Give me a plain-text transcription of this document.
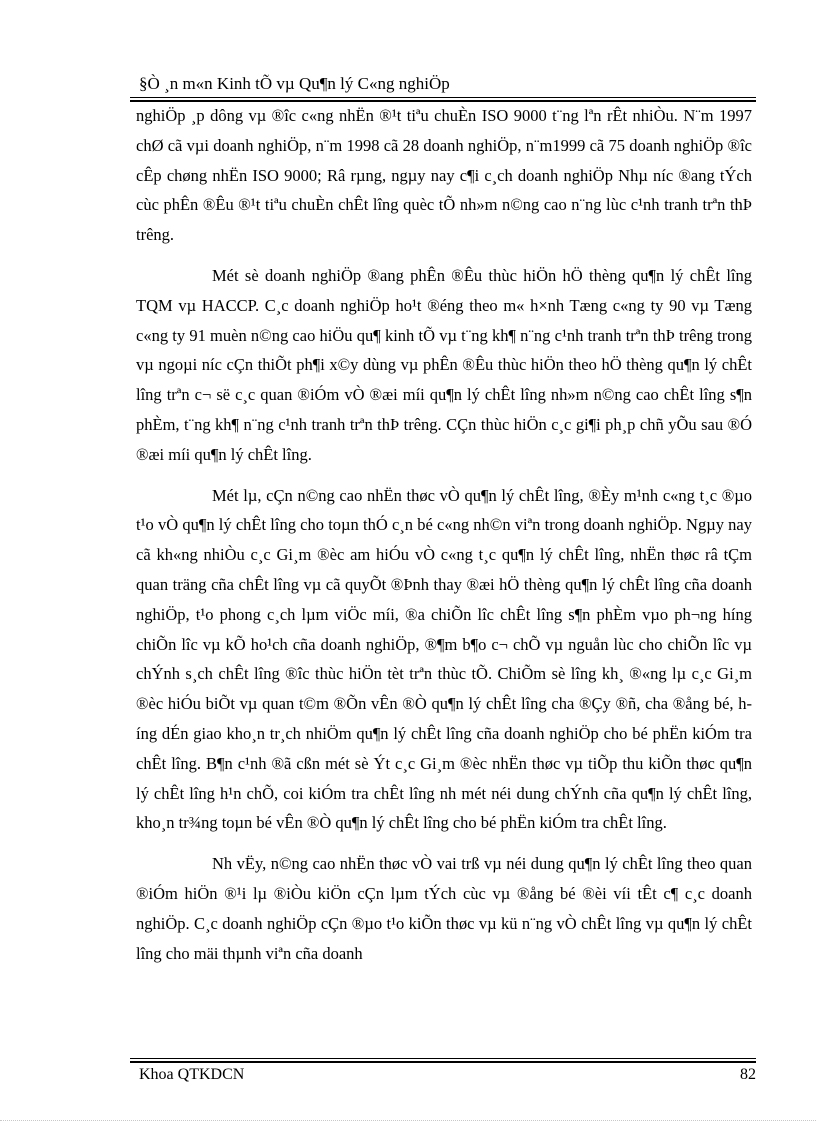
§Ò ¸n m«n Kinh tÕ vµ Qu¶n lý C«ng nghiÖp

nghiÖp ¸p dông vµ ®îc c«ng nhËn ®¹t tiªu chuÈn ISO 9000 t¨ng lªn rÊt nhiÒu. N¨m 1997 chØ cã vµi doanh nghiÖp, n¨m 1998 cã 28 doanh nghiÖp, n¨m1999 cã 75 doanh nghiÖp ®îc cÊp chøng nhËn ISO 9000; Râ rµng, ngµy nay c¶i c¸ch doanh nghiÖp Nhµ níc ®ang tÝch cùc phÊn ®Êu ®¹t tiªu chuÈn chÊt lîng quèc tÕ nh»m n©ng cao n¨ng lùc c¹nh tranh trªn thÞ trêng.

Mét sè doanh nghiÖp ®ang phÊn ®Êu thùc hiÖn hÖ thèng qu¶n lý chÊt lîng TQM vµ HACCP. C¸c doanh nghiÖp ho¹t ®éng theo m« h×nh Tæng c«ng ty 90 vµ Tæng c«ng ty 91 muèn n©ng cao hiÖu qu¶ kinh tÕ vµ t¨ng kh¶ n¨ng c¹nh tranh trªn thÞ trêng trong vµ ngoµi níc cÇn thiÕt ph¶i x©y dùng vµ phÊn ®Êu thùc hiÖn theo hÖ thèng qu¶n lý chÊt lîng trªn c¬ së c¸c quan ®iÓm vÒ ®æi míi qu¶n lý chÊt lîng nh»m n©ng cao chÊt lîng s¶n phÈm, t¨ng kh¶ n¨ng c¹nh tranh trªn thÞ trêng. CÇn thùc hiÖn c¸c gi¶i ph¸p chñ yÕu sau ®Ó ®æi míi qu¶n lý chÊt lîng.

Mét lµ, cÇn n©ng cao nhËn thøc vÒ qu¶n lý chÊt lîng, ®Èy m¹nh c«ng t¸c ®µo t¹o vÒ qu¶n lý chÊt lîng cho toµn thÓ c¸n bé c«ng nh©n viªn trong doanh nghiÖp. Ngµy nay cã kh«ng nhiÒu c¸c Gi¸m ®èc am hiÓu vÒ c«ng t¸c qu¶n lý chÊt lîng, nhËn thøc râ tÇm quan träng cña chÊt lîng vµ cã quyÕt ®Þnh thay ®æi hÖ thèng qu¶n lý chÊt lîng cña doanh nghiÖp, t¹o phong c¸ch lµm viÖc míi, ®a chiÕn lîc chÊt lîng s¶n phÈm vµo ph¬ng híng chiÕn lîc vµ kÕ ho¹ch cña doanh nghiÖp, ®¶m b¶o c¬ chÕ vµ nguån lùc cho chiÕn lîc vµ chÝnh s¸ch chÊt lîng ®îc thùc hiÖn tèt trªn thùc tÕ. ChiÕm sè lîng kh¸ ®«ng lµ c¸c Gi¸m ®èc hiÓu biÕt vµ quan t©m ®Õn vÊn ®Ò qu¶n lý chÊt lîng cha ®Çy ®ñ, cha ®ång bé, híng dÉn giao kho¸n tr¸ch nhiÖm qu¶n lý chÊt lîng cña doanh nghiÖp cho bé phËn kiÓm tra chÊt lîng. B¶n c¹nh ®ã cßn mét sè Ýt c¸c Gi¸m ®èc nhËn thøc vµ tiÕp thu kiÕn thøc qu¶n lý chÊt lîng h¹n chÕ, coi kiÓm tra chÊt lîng nh mét néi dung chÝnh cña qu¶n lý chÊt lîng, kho¸n tr¾ng toµn bé vÊn ®Ò qu¶n lý chÊt lîng cho bé phËn kiÓm tra chÊt lîng.

Nh vËy, n©ng cao nhËn thøc vÒ vai trß vµ néi dung qu¶n lý chÊt lîng theo quan ®iÓm hiÖn ®¹i lµ ®iÒu kiÖn cÇn lµm tÝch cùc vµ ®ång bé ®èi víi tÊt c¶ c¸c doanh nghiÖp. C¸c doanh nghiÖp cÇn ®µo t¹o kiÕn thøc vµ kü n¨ng vÒ chÊt lîng vµ qu¶n lý chÊt lîng cho mäi thµnh viªn cña doanh

Khoa QTKDCN	82
